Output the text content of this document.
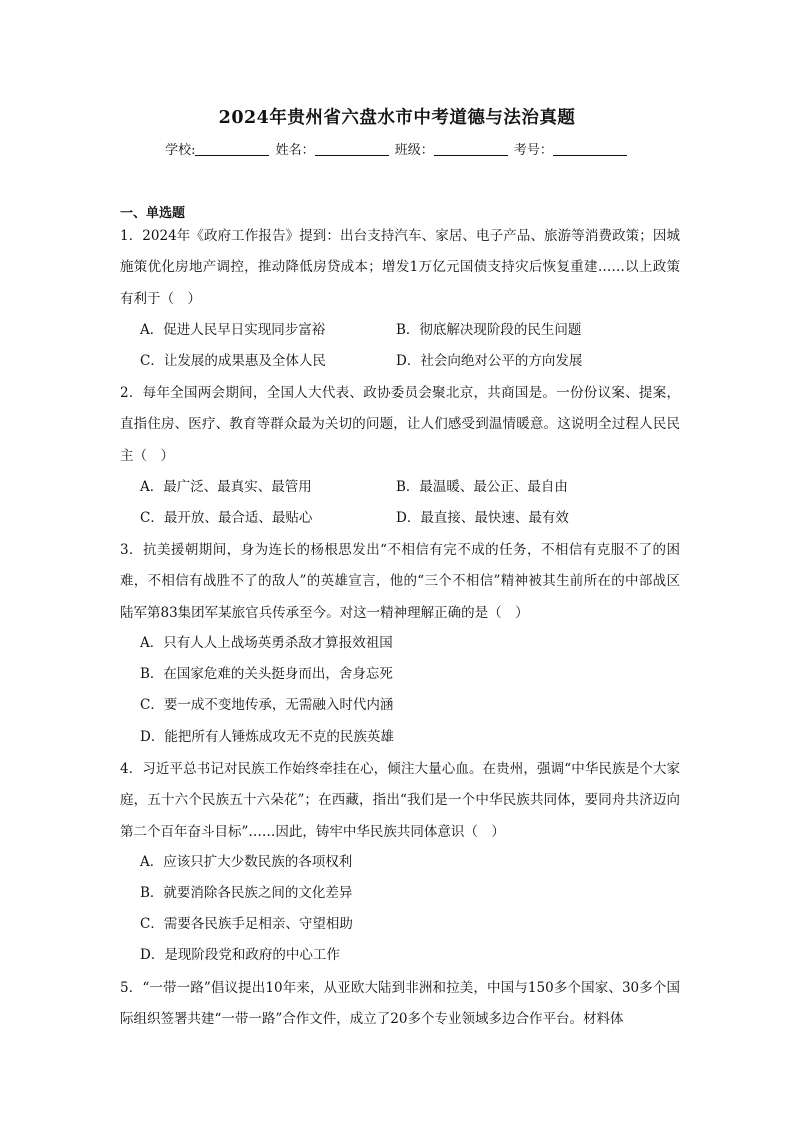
2024年贵州省六盘水市中考道德与法治真题
学校:	姓名：	班级：	考号：
一、单选题
1．2024年《政府工作报告》提到：出台支持汽车、家居、电子产品、旅游等消费政策；因城施策优化房地产调控，推动降低房贷成本；增发1万亿元国债支持灾后恢复重建……以上政策有利于（　）
A．促进人民早日实现同步富裕	B．彻底解决现阶段的民生问题
C．让发展的成果惠及全体人民	D．社会向绝对公平的方向发展
2．每年全国两会期间，全国人大代表、政协委员会聚北京，共商国是。一份份议案、提案，直指住房、医疗、教育等群众最为关切的问题，让人们感受到温情暖意。这说明全过程人民民主（　）
A．最广泛、最真实、最管用	B．最温暖、最公正、最自由
C．最开放、最合适、最贴心	D．最直接、最快速、最有效
3．抗美援朝期间，身为连长的杨根思发出“不相信有完不成的任务，不相信有克服不了的困难，不相信有战胜不了的敌人”的英雄宣言，他的“三个不相信”精神被其生前所在的中部战区陆军第83集团军某旅官兵传承至今。对这一精神理解正确的是（　）
A．只有人人上战场英勇杀敌才算报效祖国
B．在国家危难的关头挺身而出，舍身忘死
C．要一成不变地传承，无需融入时代内涵
D．能把所有人锤炼成攻无不克的民族英雄
4．习近平总书记对民族工作始终牵挂在心，倾注大量心血。在贵州，强调“中华民族是个大家庭，五十六个民族五十六朵花”；在西藏，指出“我们是一个中华民族共同体，要同舟共济迈向第二个百年奋斗目标”……因此，铸牢中华民族共同体意识（　）
A．应该只扩大少数民族的各项权利
B．就要消除各民族之间的文化差异
C．需要各民族手足相亲、守望相助
D．是现阶段党和政府的中心工作
5．“一带一路”倡议提出10年来，从亚欧大陆到非洲和拉美，中国与150多个国家、30多个国际组织签署共建“一带一路”合作文件，成立了20多个专业领域多边合作平台。材料体
